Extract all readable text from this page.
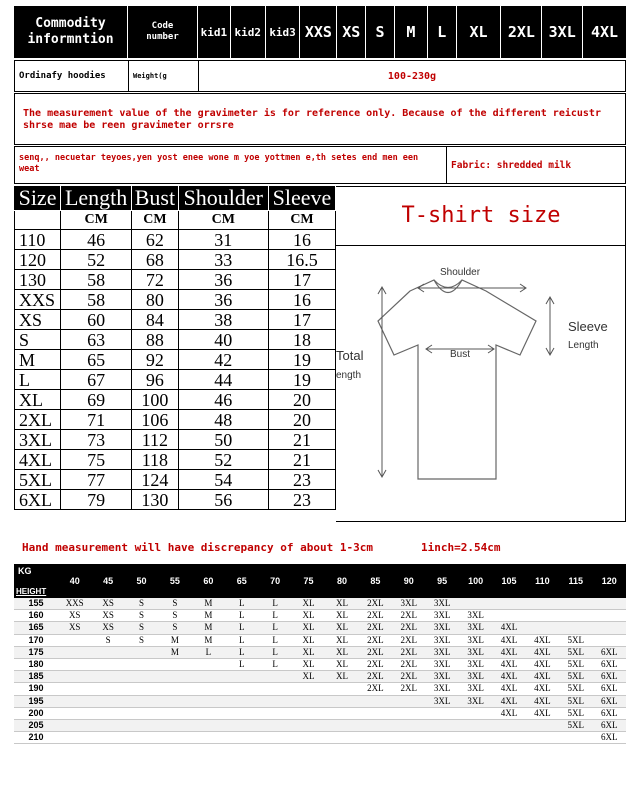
Commodity informntion
Code number	kid1 kid2 kid3 XXS XS	S	M	L	XL	2XL 3XL	4XL
Ordinafy hoodies	Weight(g	100-230g
The measurement value of the gravimeter is for reference only. Because of the different reicustr shrse mae be reen gravimeter orrsre
senq,, necuetar teyoes,yen yost enee wone m yoe yottmen e,th setes end men een weat	Fabric: shredded milk
Size	Length	Bust	Shoulder	Sleeve
	CM	CM	CM	CM
110	46	62	31	16
120	52	68	33	16.5
130	58	72	36	17
XXS	58	80	36	16
XS	60	84	38	17
S	63	88	40	18
M	65	92	42	19
L	67	96	44	19
XL	69	100	46	20
2XL	71	106	48	20
3XL	73	112	50	21
4XL	75	118	52	21
5XL	77	124	54	23
6XL	79	130	56	23
T-shirt size
Shoulder
Bust
Sleeve
Length
Total
ength
Hand measurement will have discrepancy of about 1-3cm	1inch=2.54cm
KG
HEIGHT	40	45	50	55	60	65	70	75	80	85	90	95	100	105	110	115	120
155	XXS	XS	S	S	M	L	L	XL	XL	2XL	3XL	3XL					
160	XS	XS	S	S	M	L	L	XL	XL	2XL	2XL	3XL	3XL				
165	XS	XS	S	S	M	L	L	XL	XL	2XL	2XL	3XL	3XL	4XL			
170		S	S	M	M	L	L	XL	XL	2XL	2XL	3XL	3XL	4XL	4XL	5XL	
175				M	L	L	L	XL	XL	2XL	2XL	3XL	3XL	4XL	4XL	5XL	6XL
180						L	L	XL	XL	2XL	2XL	3XL	3XL	4XL	4XL	5XL	6XL
185								XL	XL	2XL	2XL	3XL	3XL	4XL	4XL	5XL	6XL
190										2XL	2XL	3XL	3XL	4XL	4XL	5XL	6XL
195												3XL	3XL	4XL	4XL	5XL	6XL
200														4XL	4XL	5XL	6XL
205																5XL	6XL
210																	6XL
